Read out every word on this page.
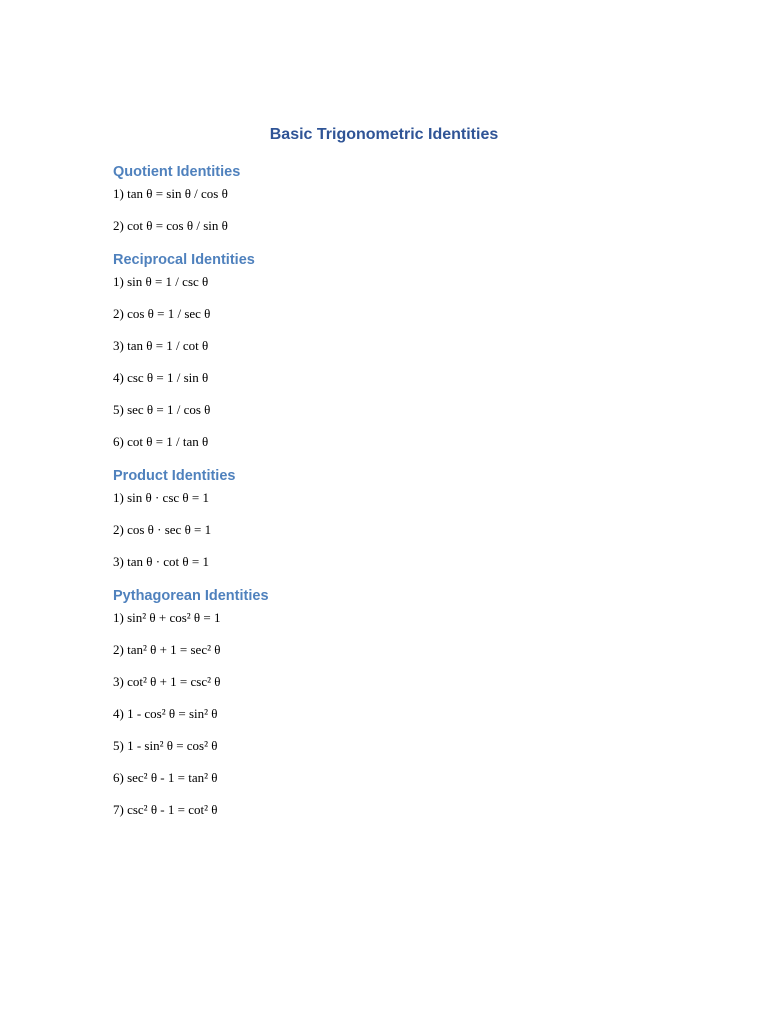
Basic Trigonometric Identities
Quotient Identities

1) tan θ = sin θ / cos θ

2) cot θ = cos θ / sin θ

Reciprocal Identities

1) sin θ = 1 / csc θ

2) cos θ = 1 / sec θ

3) tan θ = 1 / cot θ

4) csc θ = 1 / sin θ

5) sec θ = 1 / cos θ

6) cot θ = 1 / tan θ

Product Identities

1) sin θ · csc θ = 1

2) cos θ · sec θ = 1

3) tan θ · cot θ = 1

Pythagorean Identities

1) sin² θ + cos² θ = 1

2) tan² θ + 1 = sec² θ

3) cot² θ + 1 = csc² θ

4) 1 - cos² θ = sin² θ

5) 1 - sin² θ = cos² θ

6) sec² θ - 1 = tan² θ

7) csc² θ - 1 = cot² θ
